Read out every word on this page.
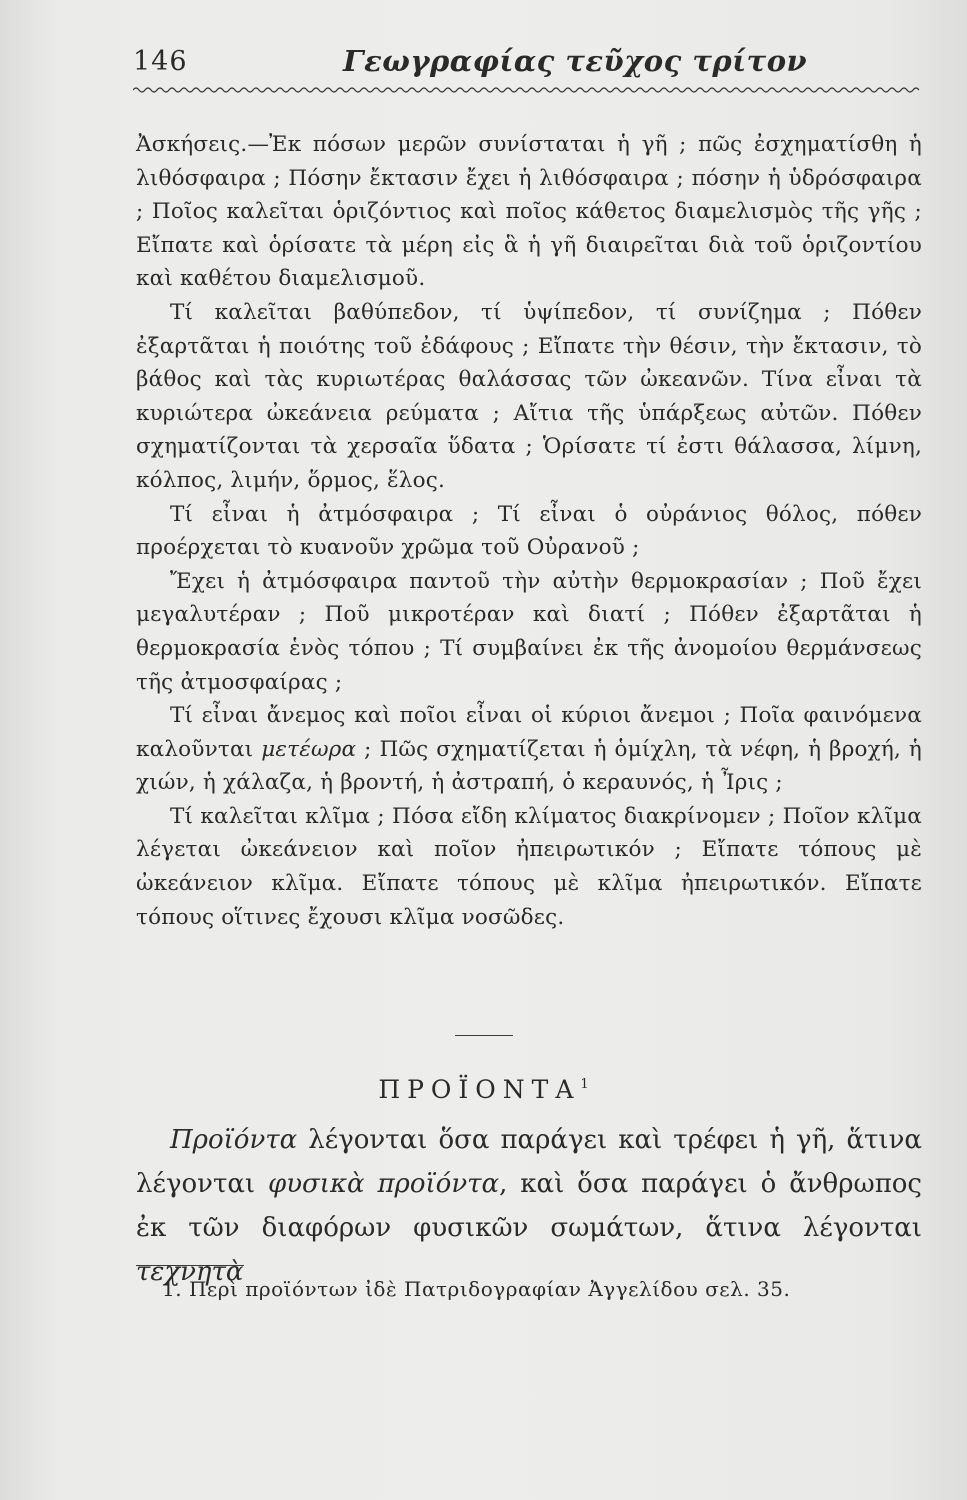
146	Γεωγραφίας τεῦχος τρίτον

Ἀσκήσεις.—Ἐκ πόσων μερῶν συνίσταται ἡ γῆ ; πῶς ἐσχηματίσθη ἡ λιθόσφαιρα ; Πόσην ἔκτασιν ἔχει ἡ λιθόσφαιρα ; πόσην ἡ ὑδρόσφαιρα ; Ποῖος καλεῖται ὁριζόντιος καὶ ποῖος κάθετος διαμελισμὸς τῆς γῆς ; Εἴπατε καὶ ὁρίσατε τὰ μέρη εἰς ἃ ἡ γῆ διαιρεῖται διὰ τοῦ ὁριζοντίου καὶ καθέτου διαμελισμοῦ.

Τί καλεῖται βαθύπεδον, τί ὑψίπεδον, τί συνίζημα ; Πόθεν ἐξαρτᾶται ἡ ποιότης τοῦ ἐδάφους ; Εἴπατε τὴν θέσιν, τὴν ἔκτασιν, τὸ βάθος καὶ τὰς κυριωτέρας θαλάσσας τῶν ὠκεανῶν. Τίνα εἶναι τὰ κυριώτερα ὠκεάνεια ρεύματα ; Αἴτια τῆς ὑπάρξεως αὐτῶν. Πόθεν σχηματίζονται τὰ χερσαῖα ὕδατα ; Ὁρίσατε τί ἐστι θάλασσα, λίμνη, κόλπος, λιμήν, ὅρμος, ἕλος.

Τί εἶναι ἡ ἀτμόσφαιρα ; Τί εἶναι ὁ οὐράνιος θόλος, πόθεν προέρχεται τὸ κυανοῦν χρῶμα τοῦ Οὐρανοῦ ;

Ἔχει ἡ ἀτμόσφαιρα παντοῦ τὴν αὐτὴν θερμοκρασίαν ; Ποῦ ἔχει μεγαλυτέραν ; Ποῦ μικροτέραν καὶ διατί ; Πόθεν ἐξαρτᾶται ἡ θερμοκρασία ἑνὸς τόπου ; Τί συμβαίνει ἐκ τῆς ἀνομοίου θερμάνσεως τῆς ἀτμοσφαίρας ;

Τί εἶναι ἄνεμος καὶ ποῖοι εἶναι οἱ κύριοι ἄνεμοι ; Ποῖα φαινόμενα καλοῦνται μετέωρα ; Πῶς σχηματίζεται ἡ ὁμίχλη, τὰ νέφη, ἡ βροχή, ἡ χιών, ἡ χάλαζα, ἡ βροντή, ἡ ἀστραπή, ὁ κεραυνός, ἡ Ἶρις ;

Τί καλεῖται κλῖμα ; Πόσα εἴδη κλίματος διακρίνομεν ; Ποῖον κλῖμα λέγεται ὠκεάνειον καὶ ποῖον ἠπειρωτικόν ; Εἴπατε τόπους μὲ ὠκεάνειον κλῖμα. Εἴπατε τόπους μὲ κλῖμα ἠπειρωτικόν. Εἴπατε τόπους οἵτινες ἔχουσι κλῖμα νοσῶδες.

ΠΡΟΪΟΝΤΑ$^1$
Προϊόντα λέγονται ὅσα παράγει καὶ τρέφει ἡ γῆ, ἅτινα λέγονται φυσικὰ προϊόντα, καὶ ὅσα παράγει ὁ ἄνθρωπος ἐκ τῶν διαφόρων φυσικῶν σωμάτων, ἅτινα λέγονται τεχνητὰ
1. Περὶ προϊόντων ἰδὲ Πατριδογραφίαν Ἀγγελίδου σελ. 35.
